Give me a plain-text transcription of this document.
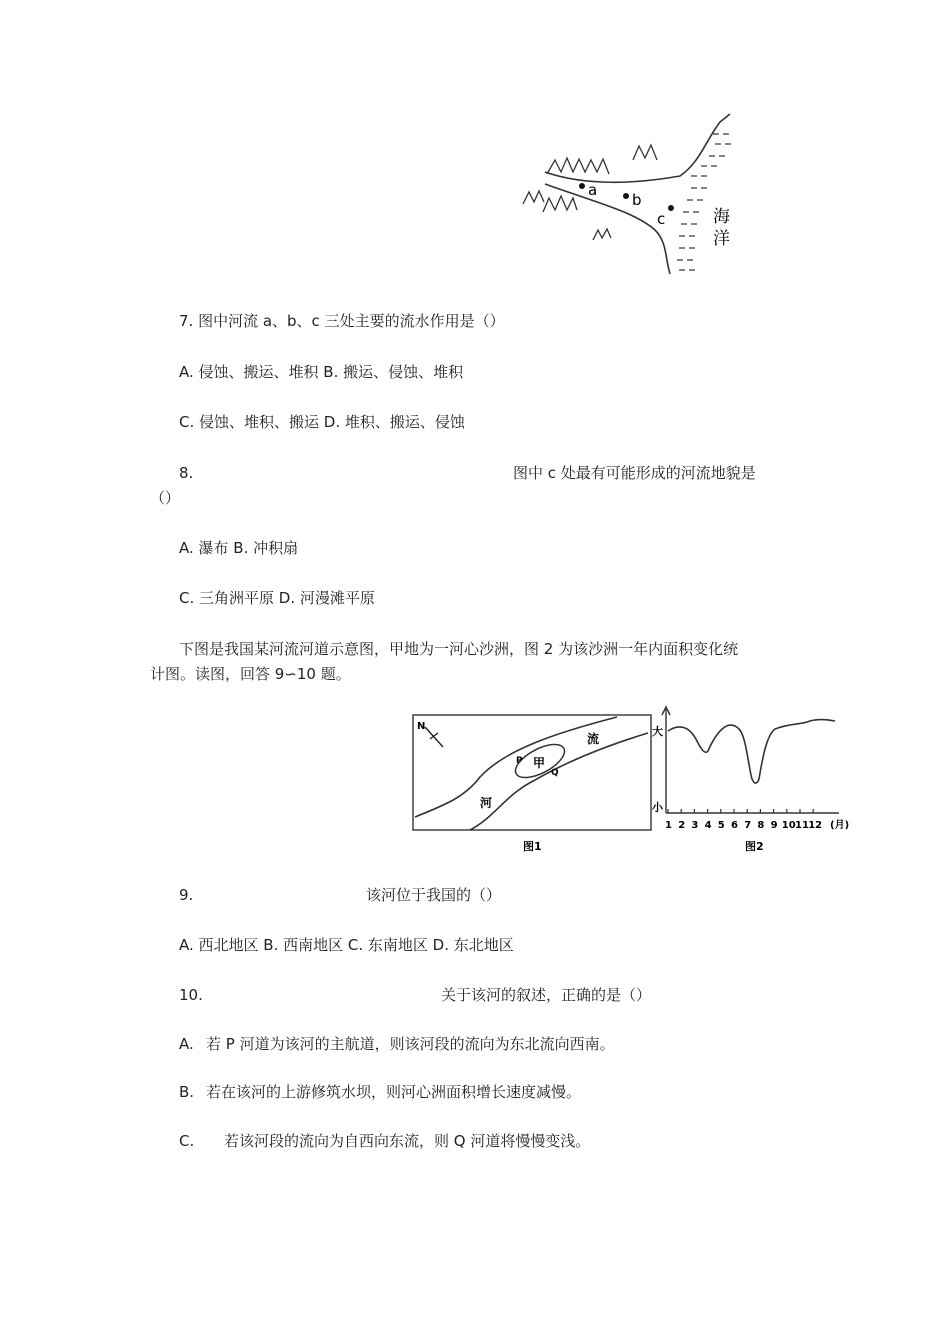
a
b
c	海
洋
7. 图中河流 a、b、c 三处主要的流水作用是（）
A. 侵蚀、搬运、堆积 B. 搬运、侵蚀、堆积
C. 侵蚀、堆积、搬运 D. 堆积、搬运、侵蚀
8.	图中 c 处最有可能形成的河流地貌是
（）
A. 瀑布 B. 冲积扇
C. 三角洲平原 D. 河漫滩平原
下图是我国某河流河道示意图，甲地为一河心沙洲，图 2 为该沙洲一年内面积变化统
计图。读图，回答 9∽10 题。
N
甲
P
Q
流
河
图1
大
小
1 2 3 4 5 6 7 8 9 10 11 12 (月)
图2
9.	该河位于我国的（）
A. 西北地区 B. 西南地区 C. 东南地区 D. 东北地区
10.	关于该河的叙述，正确的是（）
A. 若 P 河道为该河的主航道，则该河段的流向为东北流向西南。
B. 若在该河的上游修筑水坝，则河心洲面积增长速度减慢。
C. 若该河段的流向为自西向东流，则 Q 河道将慢慢变浅。
